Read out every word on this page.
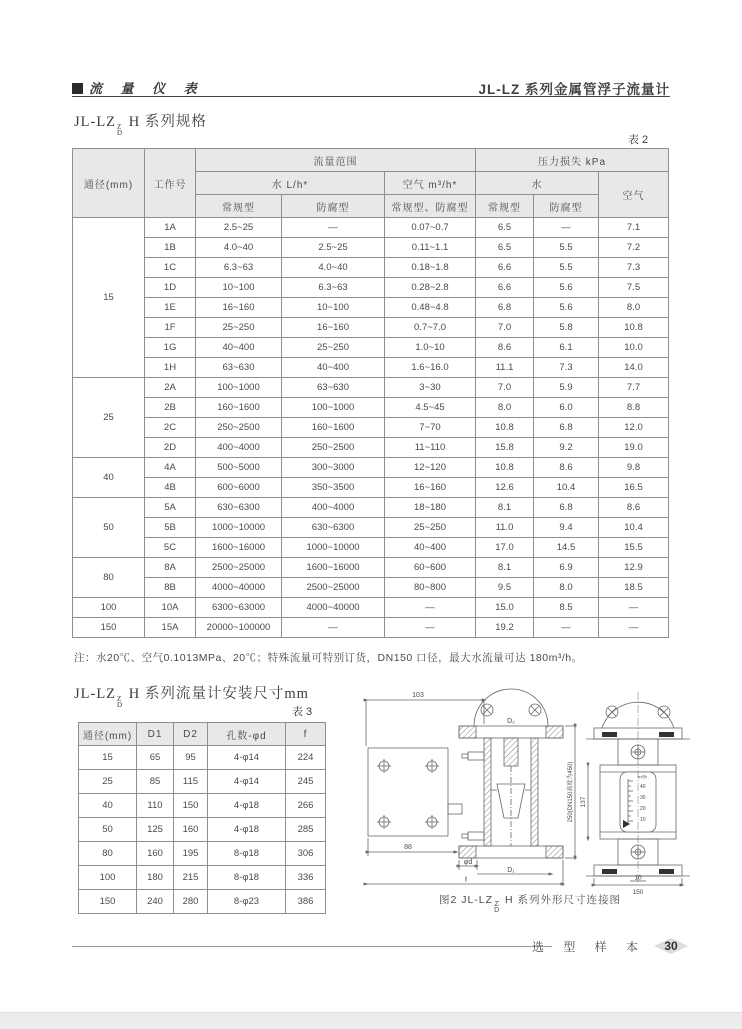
流 量 仪 表	JL-LZ 系列金属管浮子流量计
JL-LZ Z
D
H 系列规格
表 2
通径(mm)	工作号	流量范围			压力损失 kPa		
		水 L/h*		空气 m³/h*	水		空气
		常规型	防腐型	常规型、防腐型	常规型	防腐型	
15	1A	2.5~25	—	0.07~0.7	6.5	—	7.1
	1B	4.0~40	2.5~25	0.11~1.1	6.5	5.5	7.2
	1C	6.3~63	4.0~40	0.18~1.8	6.6	5.5	7.3
	1D	10~100	6.3~63	0.28~2.8	6.6	5.6	7.5
	1E	16~160	10~100	0.48~4.8	6.8	5.6	8.0
	1F	25~250	16~160	0.7~7.0	7.0	5.8	10.8
	1G	40~400	25~250	1.0~10	8.6	6.1	10.0
	1H	63~630	40~400	1.6~16.0	11.1	7.3	14.0
25	2A	100~1000	63~630	3~30	7.0	5.9	7.7
	2B	160~1600	100~1000	4.5~45	8.0	6.0	8.8
	2C	250~2500	160~1600	7~70	10.8	6.8	12.0
	2D	400~4000	250~2500	11~110	15.8	9.2	19.0
40	4A	500~5000	300~3000	12~120	10.8	8.6	9.8
	4B	600~6000	350~3500	16~160	12.6	10.4	16.5
50	5A	630~6300	400~4000	18~180	8.1	6.8	8.6
	5B	1000~10000	630~6300	25~250	11.0	9.4	10.4
	5C	1600~16000	1000~10000	40~400	17.0	14.5	15.5
80	8A	2500~25000	1600~16000	60~600	8.1	6.9	12.9
	8B	4000~40000	2500~25000	80~800	9.5	8.0	18.5
100	10A	6300~63000	4000~40000	—	15.0	8.5	—
150	15A	20000~100000	—	—	19.2	—	—
注：水20℃、空气0.1013MPa、20℃；特殊流量可特别订货，DN150 口径，最大水流量可达 180m³/h。
JL-LZ Z
D
H 系列流量计安装尺寸mm
表 3
通径(mm)	D1	D2	孔数-φd	f
15	65	95	4-φ14	224
25	85	115	4-φ14	245
40	110	150	4-φ18	266
50	125	160	4-φ18	285
80	160	195	8-φ18	306
100	180	215	8-φ18	336
150	240	280	8-φ23	386
103
88
φd
D₁
D₂
f
250(DN150高度为450)	m³/h
40
30
20
10
137
10
150
图2 JL-LZ Z
D
H 系列外形尺寸连接图
选 型 样 本	30
